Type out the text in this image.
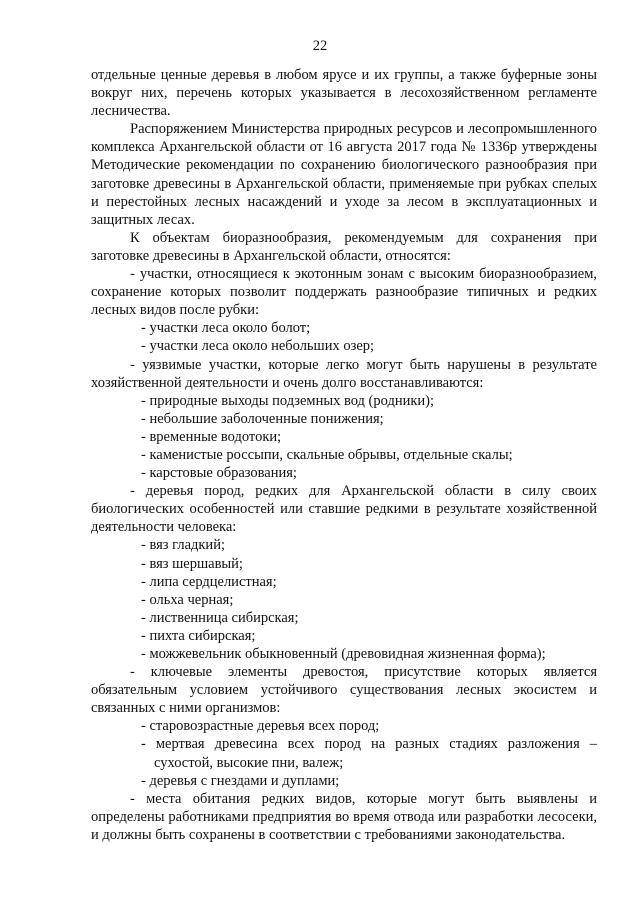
22

отдельные ценные деревья в любом ярусе и их группы, а также буферные зоны вокруг них, перечень которых указывается в лесохозяйственном регламенте лесничества.

Распоряжением Министерства природных ресурсов и лесопромышленного комплекса Архангельской области от 16 августа 2017 года № 1336р утверждены Методические рекомендации по сохранению биологического разнообразия при заготовке древесины в Архангельской области, применяемые при рубках спелых и перестойных лесных насаждений и уходе за лесом в эксплуатационных и защитных лесах.

К объектам биоразнообразия, рекомендуемым для сохранения при заготовке древесины в Архангельской области, относятся:

- участки, относящиеся к экотонным зонам с высоким биоразнообразием, сохранение которых позволит поддержать разнообразие типичных и редких лесных видов после рубки:

- участки леса около болот;

- участки леса около небольших озер;

- уязвимые участки, которые легко могут быть нарушены в результате хозяйственной деятельности и очень долго восстанавливаются:

- природные выходы подземных вод (родники);

- небольшие заболоченные понижения;

- временные водотоки;

- каменистые россыпи, скальные обрывы, отдельные скалы;

- карстовые образования;

- деревья пород, редких для Архангельской области в силу своих биологических особенностей или ставшие редкими в результате хозяйственной деятельности человека:

- вяз гладкий;

- вяз шершавый;

- липа сердцелистная;

- ольха черная;

- лиственница сибирская;

- пихта сибирская;

- можжевельник обыкновенный (древовидная жизненная форма);

- ключевые элементы древостоя, присутствие которых является обязательным условием устойчивого существования лесных экосистем и связанных с ними организмов:

- старовозрастные деревья всех пород;

- мертвая древесина всех пород на разных стадиях разложения – сухостой, высокие пни, валеж;

- деревья с гнездами и дуплами;

- места обитания редких видов, которые могут быть выявлены и определены работниками предприятия во время отвода или разработки лесосеки, и должны быть сохранены в соответствии с требованиями законодательства.
